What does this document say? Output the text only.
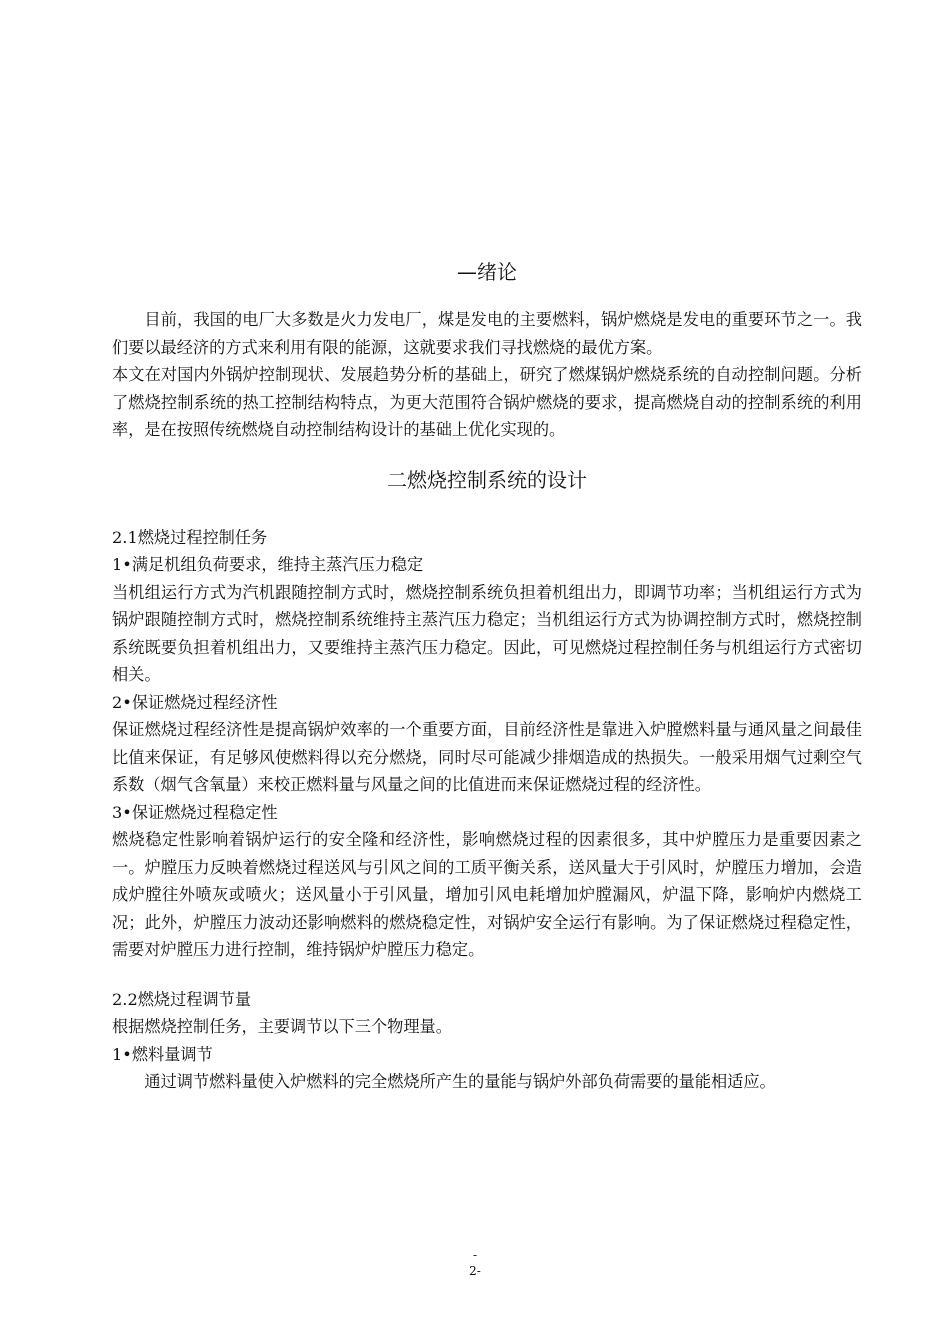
—绪论

目前，我国的电厂大多数是火力发电厂，煤是发电的主要燃料，锅炉燃烧是发电的重要环节之一。我们要以最经济的方式来利用有限的能源，这就要求我们寻找燃烧的最优方案。

本文在对国内外锅炉控制现状、发展趋势分析的基础上，研究了燃煤锅炉燃烧系统的自动控制问题。分析了燃烧控制系统的热工控制结构特点，为更大范围符合锅炉燃烧的要求，提高燃烧自动的控制系统的利用率，是在按照传统燃烧自动控制结构设计的基础上优化实现的。

二燃烧控制系统的设计
2.1燃烧过程控制任务
1•满足机组负荷要求，维持主蒸汽压力稳定

当机组运行方式为汽机跟随控制方式时，燃烧控制系统负担着机组出力，即调节功率；当机组运行方式为锅炉跟随控制方式时，燃烧控制系统维持主蒸汽压力稳定；当机组运行方式为协调控制方式时，燃烧控制系统既要负担着机组出力，又要维持主蒸汽压力稳定。因此，可见燃烧过程控制任务与机组运行方式密切相关。

2•保证燃烧过程经济性

保证燃烧过程经济性是提高锅炉效率的一个重要方面，目前经济性是靠进入炉膛燃料量与通风量之间最佳比值来保证，有足够风使燃料得以充分燃烧，同时尽可能减少排烟造成的热损失。一般采用烟气过剩空气系数（烟气含氧量）来校正燃料量与风量之间的比值进而来保证燃烧过程的经济性。

3•保证燃烧过程稳定性

燃烧稳定性影响着锅炉运行的安全隆和经济性，影响燃烧过程的因素很多，其中炉膛压力是重要因素之一。炉膛压力反映着燃烧过程送风与引风之间的工质平衡关系，送风量大于引风时，炉膛压力增加，会造成炉膛往外喷灰或喷火；送风量小于引风量，增加引风电耗增加炉膛漏风，炉温下降，影响炉内燃烧工况；此外，炉膛压力波动还影响燃料的燃烧稳定性，对锅炉安全运行有影响。为了保证燃烧过程稳定性，需要对炉膛压力进行控制，维持锅炉炉膛压力稳定。

2.2燃烧过程调节量

根据燃烧控制任务，主要调节以下三个物理量。

1•燃料量调节

通过调节燃料量使入炉燃料的完全燃烧所产生的量能与锅炉外部负荷需要的量能相适应。

-
2-
